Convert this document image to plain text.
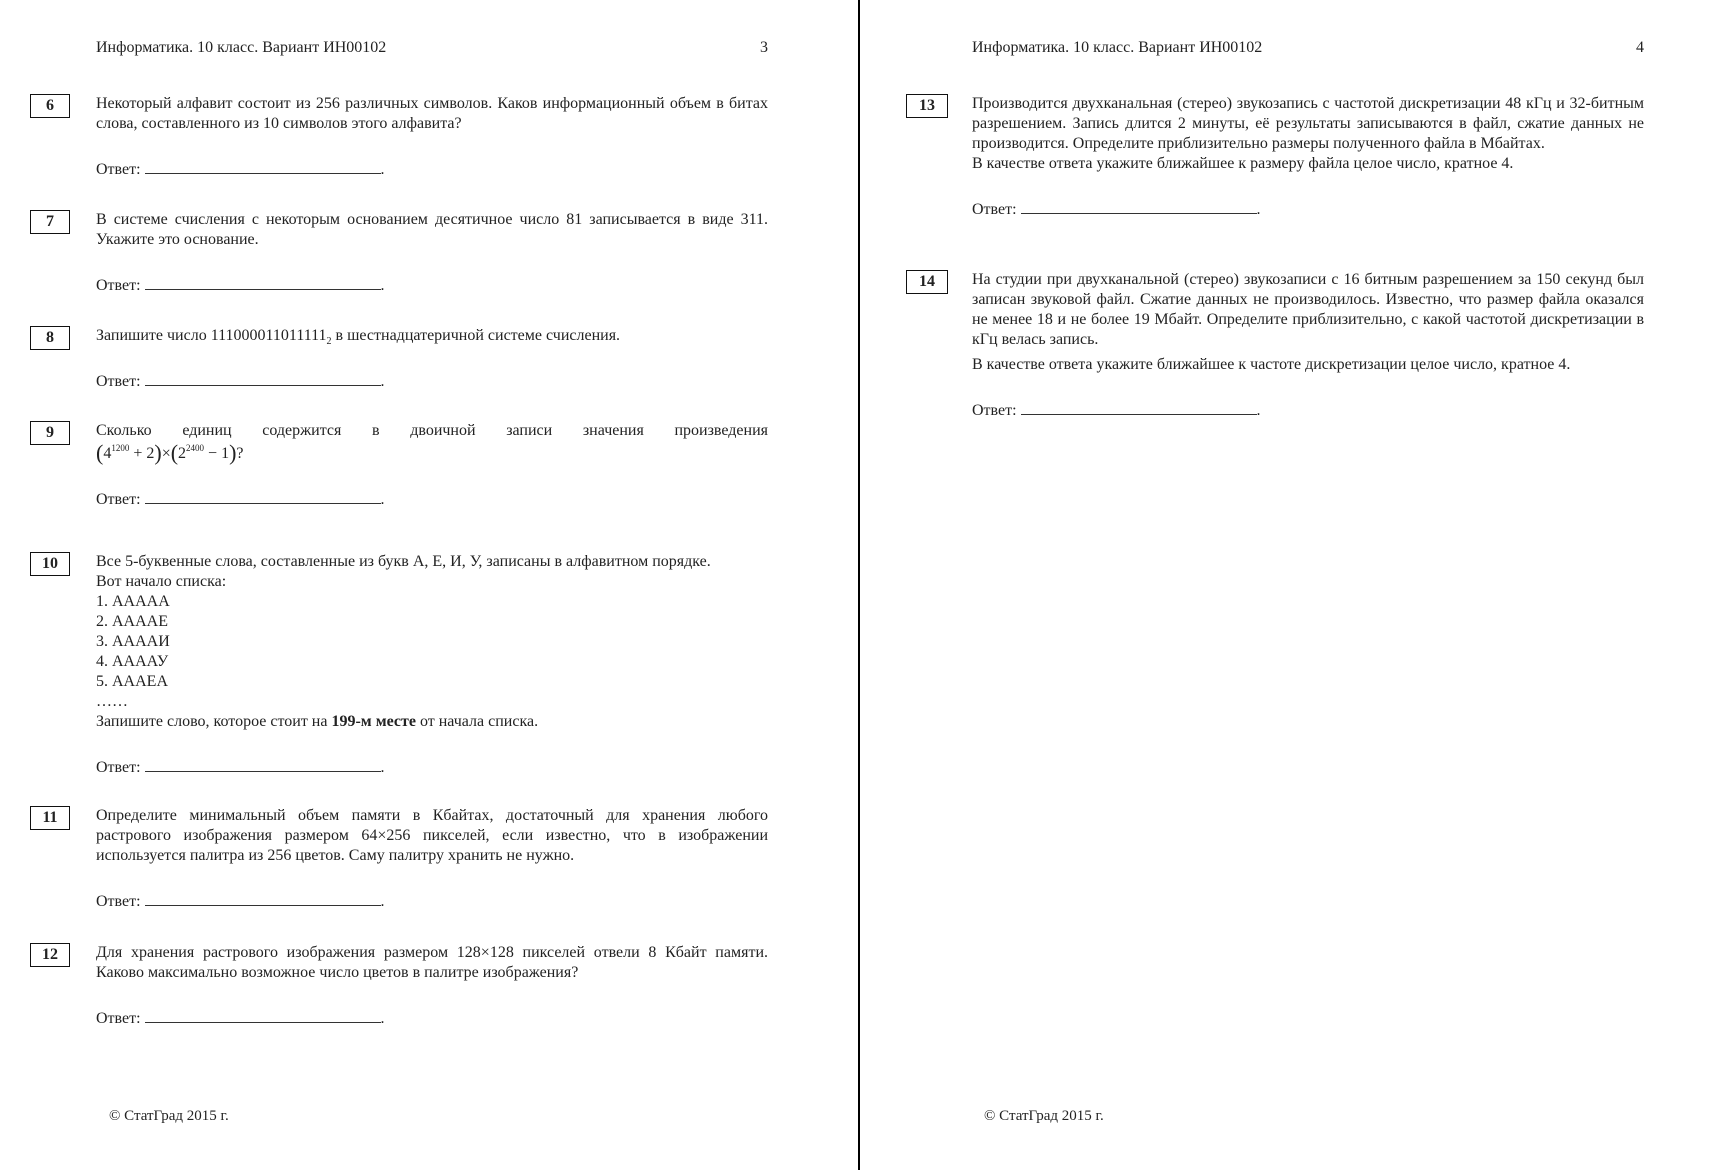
Информатика. 10 класс. Вариант ИН00102	3
6	Некоторый алфавит состоит из 256 различных символов. Каков информационный объем в битах слова, составленного из 10 символов этого алфавита?

Ответ:	.
7	В системе счисления с некоторым основанием десятичное число 81 записывается в виде 311. Укажите это основание.

Ответ:	.
8	Запишите число $111000011011111_2$ в шестнадцатеричной системе счисления.

Ответ:	.
9	Сколько единиц содержится в двоичной записи значения произведения

$(4^{1200} + 2)\times(2^{2400} - 1)$?

Ответ:	.
10	Все 5-буквенные слова, составленные из букв А, Е, И, У, записаны в алфавитном порядке.

Вот начало списка:

1. ААААА

2. ААААЕ

3. ААААИ

4. ААААУ

5. АААЕА

……

Запишите слово, которое стоит на 199-м месте от начала списка.

Ответ:	.
11	Определите минимальный объем памяти в Кбайтах, достаточный для хранения любого растрового изображения размером 64×256 пикселей, если известно, что в изображении используется палитра из 256 цветов. Саму палитру хранить не нужно.

Ответ:	.
12	Для хранения растрового изображения размером 128×128 пикселей отвели 8 Кбайт памяти. Каково максимально возможное число цветов в палитре изображения?

Ответ:	.
© СтатГрад 2015 г.
Информатика. 10 класс. Вариант ИН00102	4
13	Производится двухканальная (стерео) звукозапись с частотой дискретизации 48 кГц и 32-битным разрешением. Запись длится 2 минуты, её результаты записываются в файл, сжатие данных не производится. Определите приблизительно размеры полученного файла в Мбайтах.

В качестве ответа укажите ближайшее к размеру файла целое число, кратное 4.

Ответ:	.
14	На студии при двухканальной (стерео) звукозаписи с 16 битным разрешением за 150 секунд был записан звуковой файл. Сжатие данных не производилось. Известно, что размер файла оказался не менее 18 и не более 19 Мбайт. Определите приблизительно, с какой частотой дискретизации в кГц велась запись.

В качестве ответа укажите ближайшее к частоте дискретизации целое число, кратное 4.

Ответ:	.
© СтатГрад 2015 г.
